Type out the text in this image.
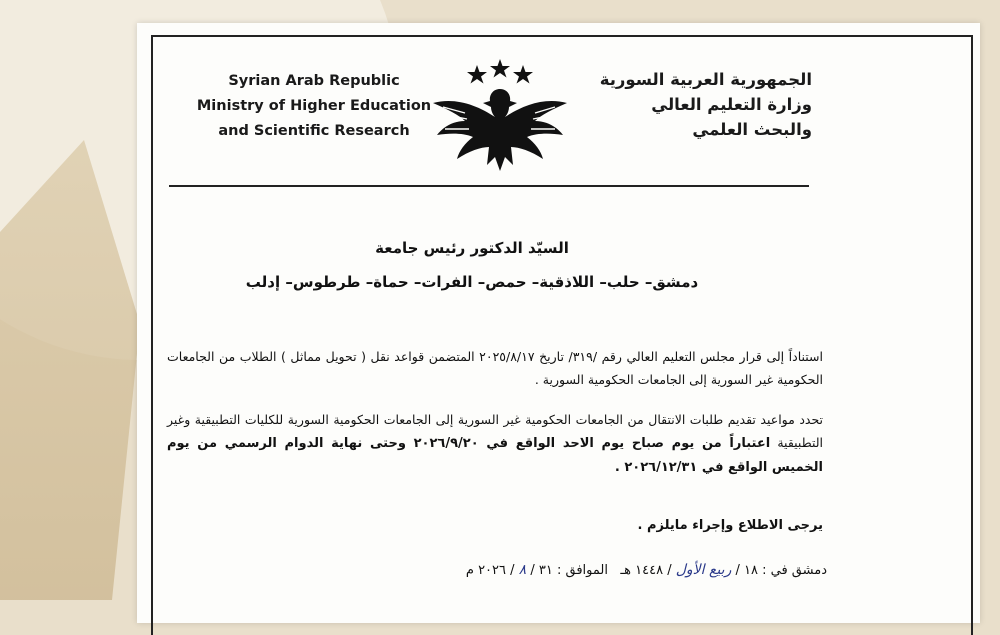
Syrian Arab Republic
Ministry of Higher Education
and Scientific Research
الجمهورية العربية السورية
وزارة التعليم العالي
والبحث العلمي
السيّد الدكتور رئيس جامعة
دمشق– حلب– اللاذقية– حمص– الفرات– حماة– طرطوس– إدلب
استناداً إلى قرار مجلس التعليم العالي رقم /٣١٩/ تاريخ ٢٠٢٥/٨/١٧ المتضمن قواعد نقل ( تحويل مماثل ) الطلاب من الجامعات الحكومية غير السورية إلى الجامعات الحكومية السورية .
تحدد مواعيد تقديم طلبات الانتقال من الجامعات الحكومية غير السورية إلى الجامعات الحكومية السورية للكليات التطبيقية وغير التطبيقية اعتباراً من يوم صباح يوم الاحد الواقع في ٢٠٢٦/٩/٢٠ وحتى نهاية الدوام الرسمي من يوم الخميس الواقع في ٢٠٢٦/١٢/٣١ .
يرجى الاطلاع وإجراء مايلزم .
دمشق في : ١٨ / ربيع الأول / ١٤٤٨ هـ   الموافق : ٣١ / ٨ / ٢٠٢٦ م
